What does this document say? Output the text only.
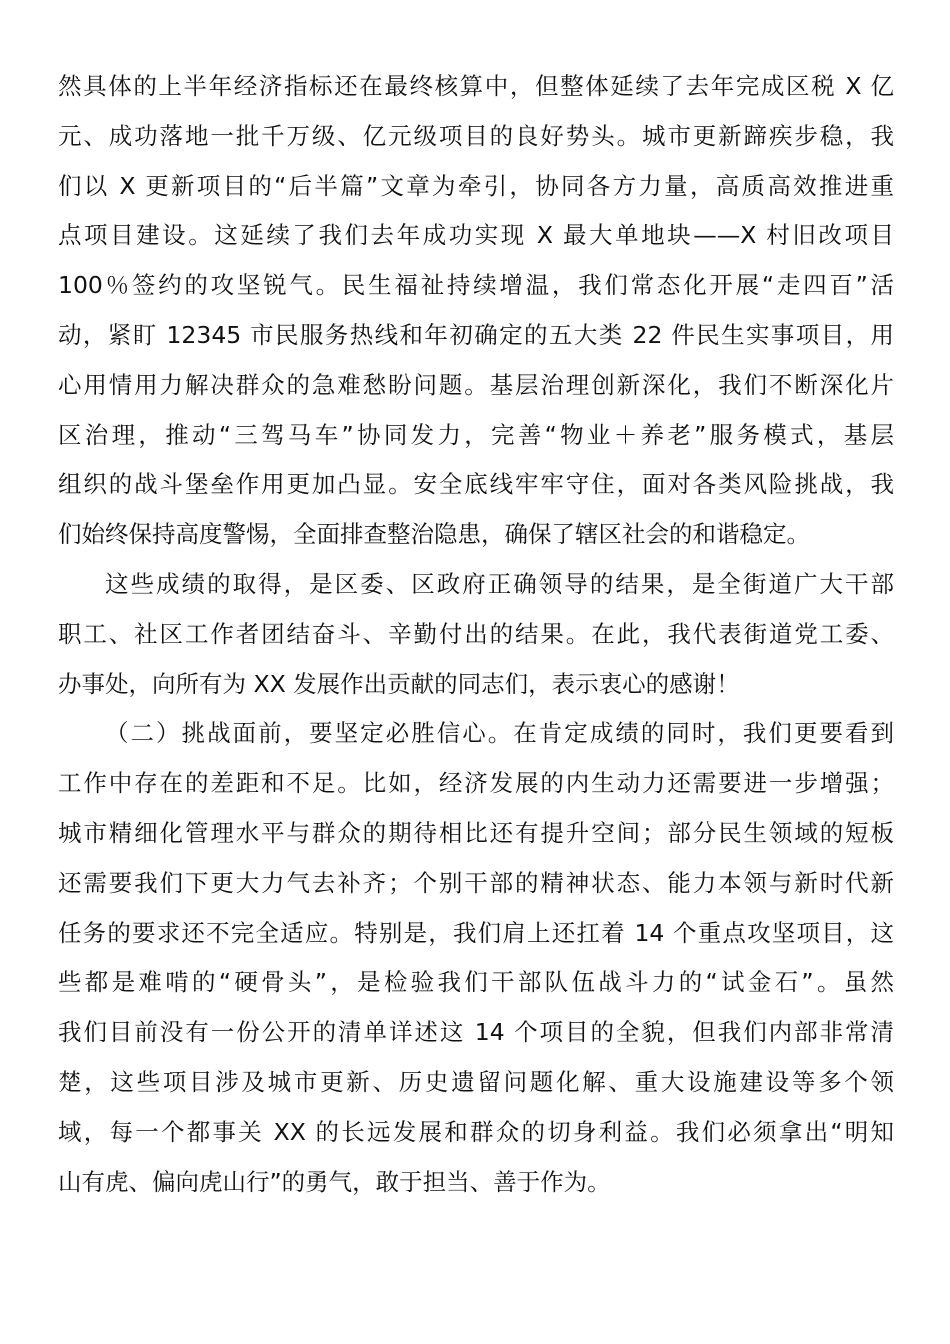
然具体的上半年经济指标还在最终核算中，但整体延续了去年完成区税 X 亿
元、成功落地一批千万级、亿元级项目的良好势头。城市更新蹄疾步稳，我
们以 X 更新项目的“后半篇”文章为牵引，协同各方力量，高质高效推进重
点项目建设。这延续了我们去年成功实现 X 最大单地块——X 村旧改项目
100％签约的攻坚锐气。民生福祉持续增温，我们常态化开展“走四百”活
动，紧盯 12345 市民服务热线和年初确定的五大类 22 件民生实事项目，用
心用情用力解决群众的急难愁盼问题。基层治理创新深化，我们不断深化片
区治理，推动“三驾马车”协同发力，完善“物业＋养老”服务模式，基层
组织的战斗堡垒作用更加凸显。安全底线牢牢守住，面对各类风险挑战，我
们始终保持高度警惕，全面排查整治隐患，确保了辖区社会的和谐稳定。
这些成绩的取得，是区委、区政府正确领导的结果，是全街道广大干部
职工、社区工作者团结奋斗、辛勤付出的结果。在此，我代表街道党工委、
办事处，向所有为 XX 发展作出贡献的同志们，表示衷心的感谢！
（二）挑战面前，要坚定必胜信心。在肯定成绩的同时，我们更要看到
工作中存在的差距和不足。比如，经济发展的内生动力还需要进一步增强；
城市精细化管理水平与群众的期待相比还有提升空间；部分民生领域的短板
还需要我们下更大力气去补齐；个别干部的精神状态、能力本领与新时代新
任务的要求还不完全适应。特别是，我们肩上还扛着 14 个重点攻坚项目，这
些都是难啃的“硬骨头”，是检验我们干部队伍战斗力的“试金石”。虽然
我们目前没有一份公开的清单详述这 14 个项目的全貌，但我们内部非常清
楚，这些项目涉及城市更新、历史遗留问题化解、重大设施建设等多个领
域，每一个都事关 XX 的长远发展和群众的切身利益。我们必须拿出“明知
山有虎、偏向虎山行”的勇气，敢于担当、善于作为。
